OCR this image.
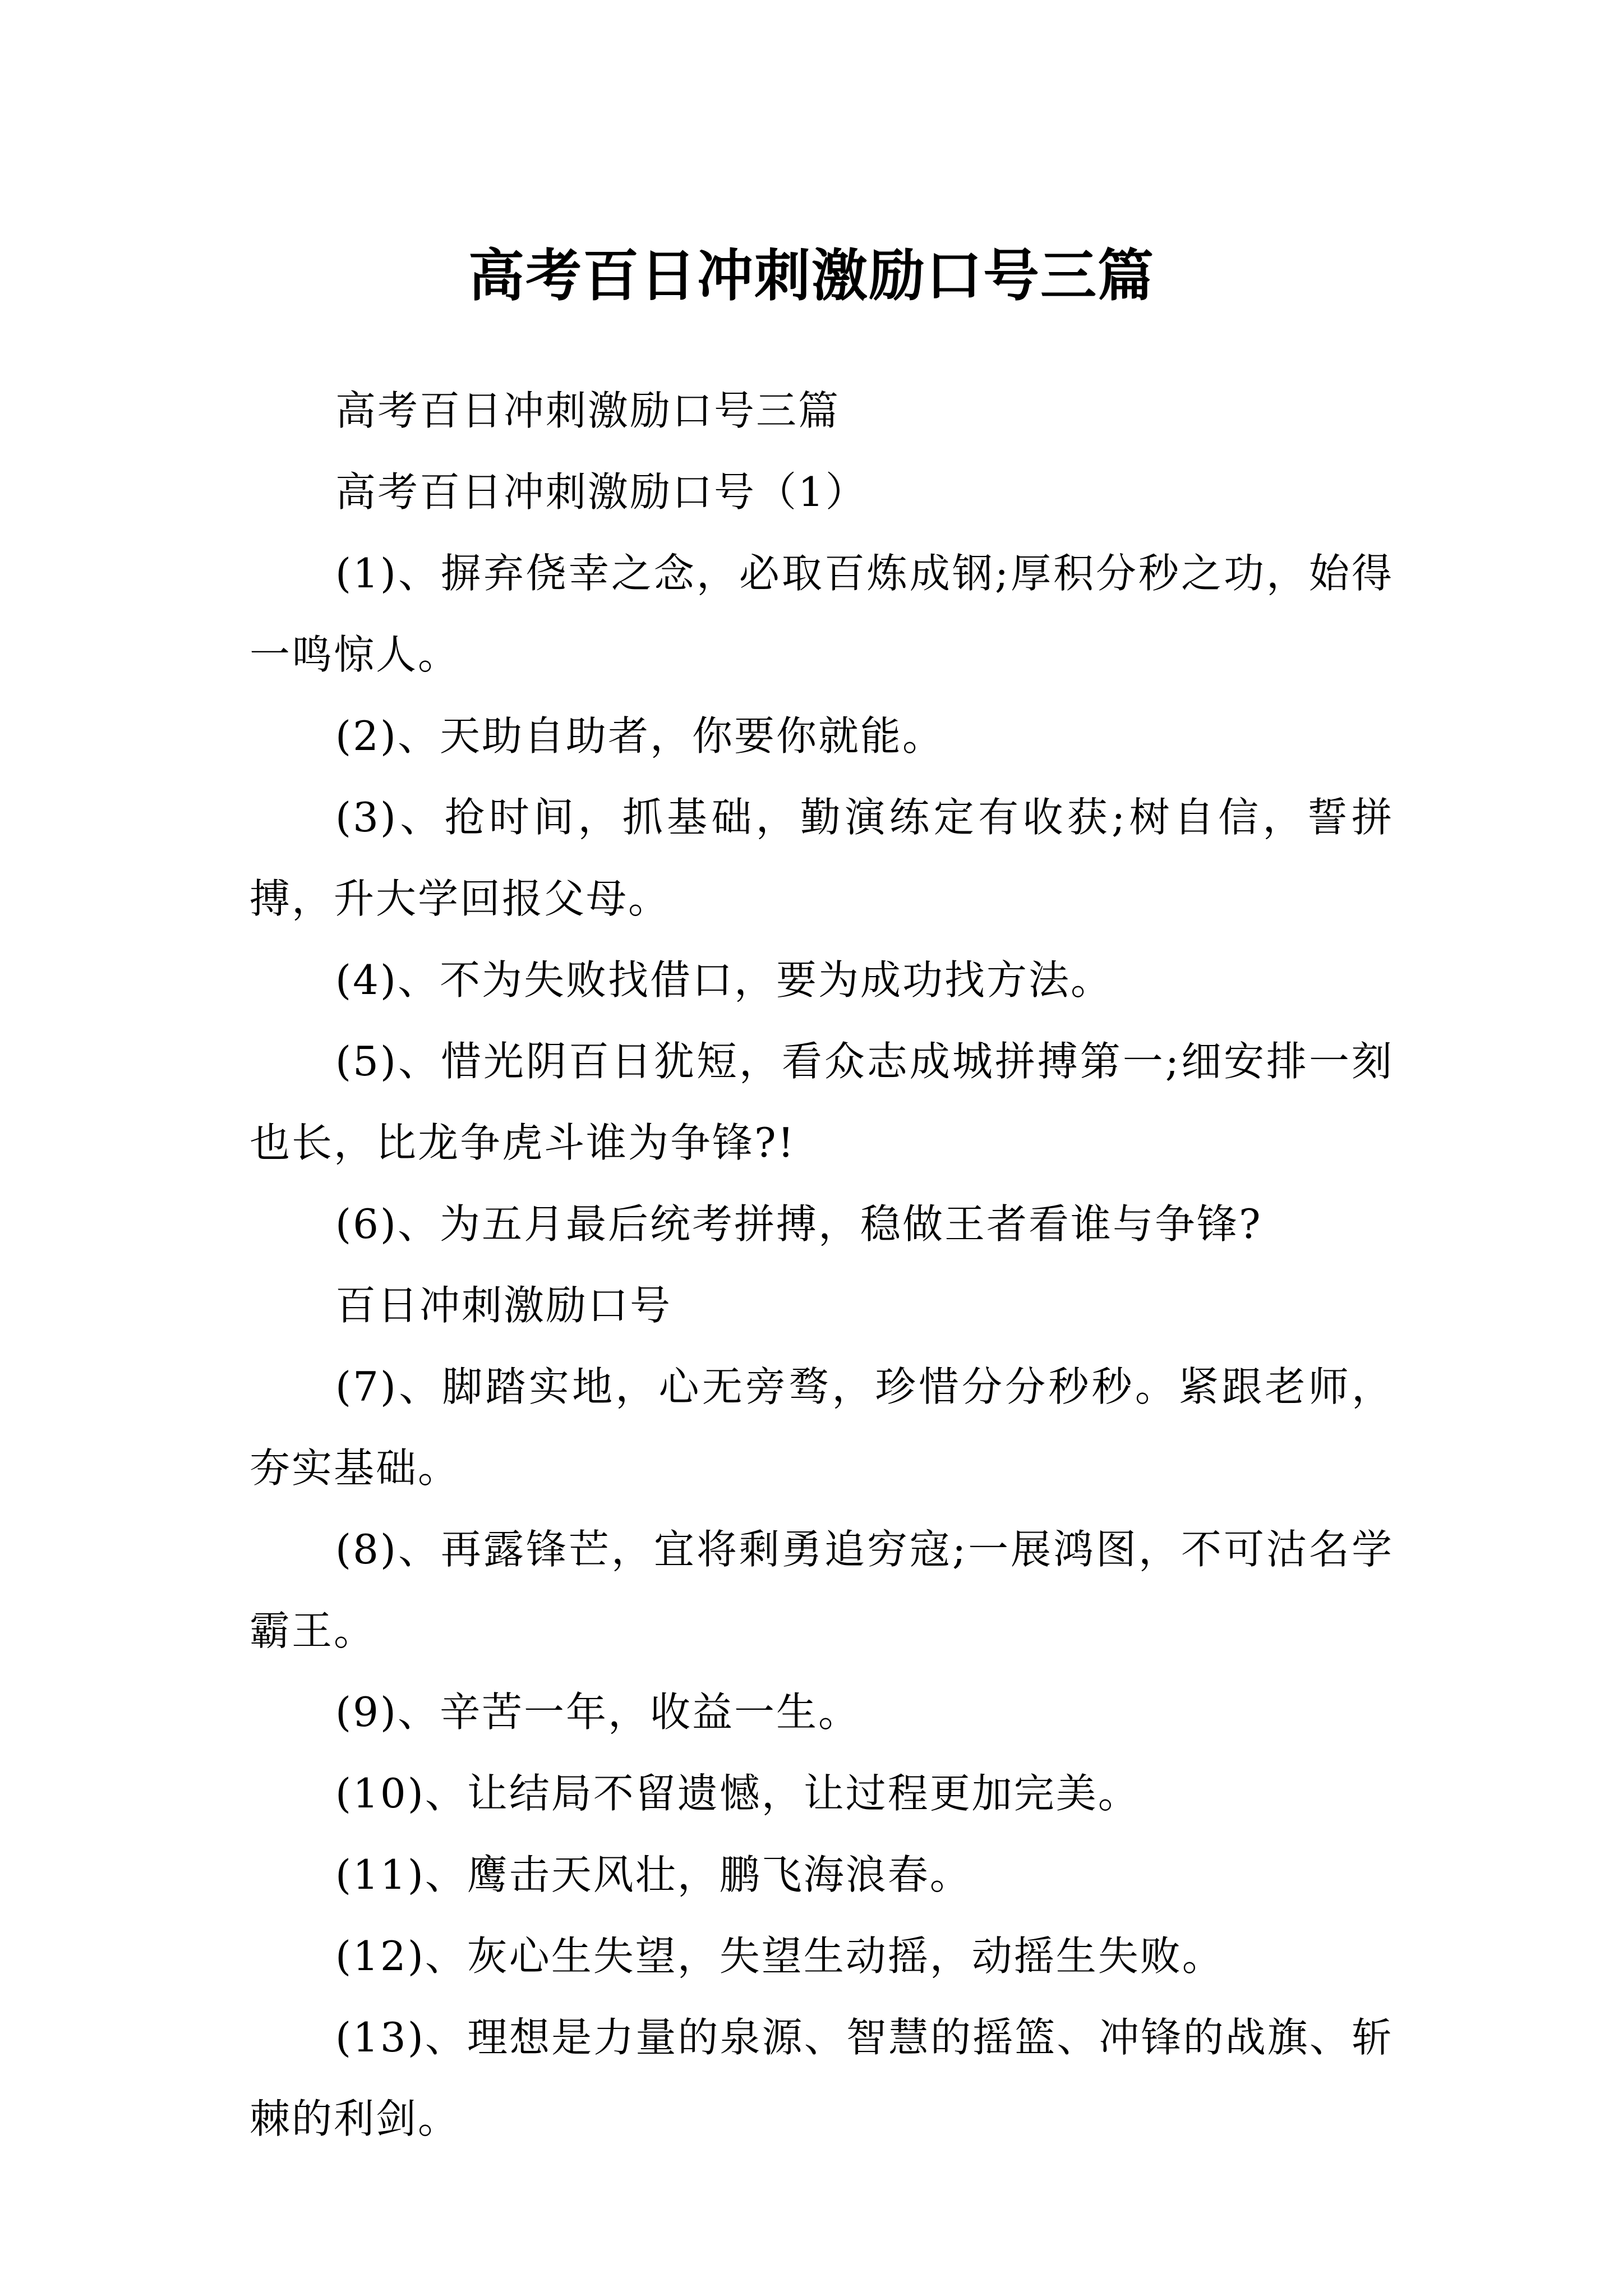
高考百日冲刺激励口号三篇

高考百日冲刺激励口号三篇

高考百日冲刺激励口号（1）

(1)、摒弃侥幸之念，必取百炼成钢;厚积分秒之功，始得一鸣惊人。

(2)、天助自助者，你要你就能。

(3)、抢时间，抓基础，勤演练定有收获;树自信，誓拼搏，升大学回报父母。

(4)、不为失败找借口，要为成功找方法。

(5)、惜光阴百日犹短，看众志成城拼搏第一;细安排一刻也长，比龙争虎斗谁为争锋?!

(6)、为五月最后统考拼搏，稳做王者看谁与争锋?

百日冲刺激励口号

(7)、脚踏实地，心无旁骛，珍惜分分秒秒。紧跟老师，夯实基础。

(8)、再露锋芒，宜将剩勇追穷寇;一展鸿图，不可沽名学霸王。

(9)、辛苦一年，收益一生。

(10)、让结局不留遗憾，让过程更加完美。

(11)、鹰击天风壮，鹏飞海浪春。

(12)、灰心生失望，失望生动摇，动摇生失败。

(13)、理想是力量的泉源、智慧的摇篮、冲锋的战旗、斩棘的利剑。
